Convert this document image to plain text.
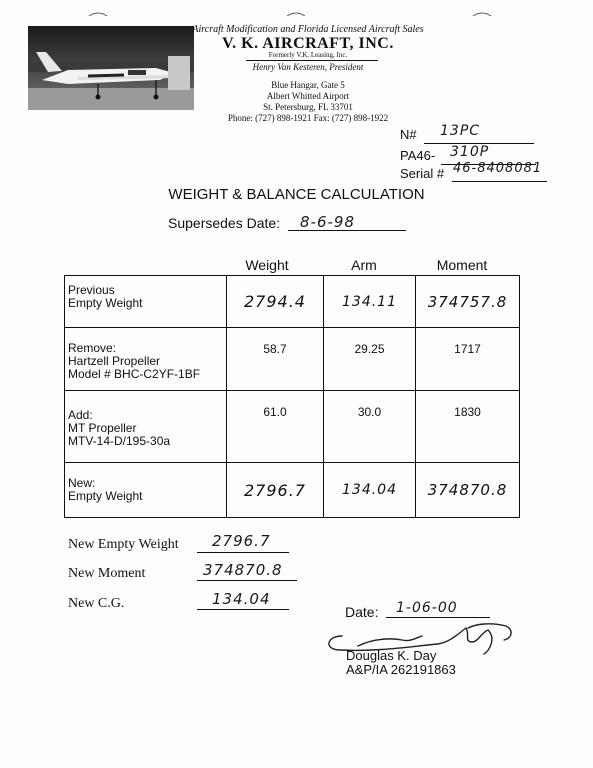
Aircraft Modification and Florida Licensed Aircraft Sales
V. K. AIRCRAFT, INC.
Formerly V.K. Leasing, Inc.
Henry Van Kesteren, President
Blue Hangar, Gate 5
Albert Whitted Airport
St. Petersburg, FL 33701
Phone: (727) 898-1921 Fax: (727) 898-1922
N# 13PC
PA46- 310P
Serial # 46-8408081
WEIGHT & BALANCE CALCULATION
Supersedes Date: 8-6-98
Weight	Arm	Moment
Previous
Empty Weight	2794.4	134.11	374757.8

Remove:
Hartzell Propeller
Model # BHC-C2YF-1BF	58.7	29.25	1717

Add:
MT Propeller
MTV-14-D/195-30a	61.0	30.0	1830

New:
Empty Weight	2796.7	134.04	374870.8
New Empty Weight 2796.7
New Moment	374870.8
New C.G.	134.04
Date: 1-06-00
Douglas K. Day
A&P/IA 262191863
